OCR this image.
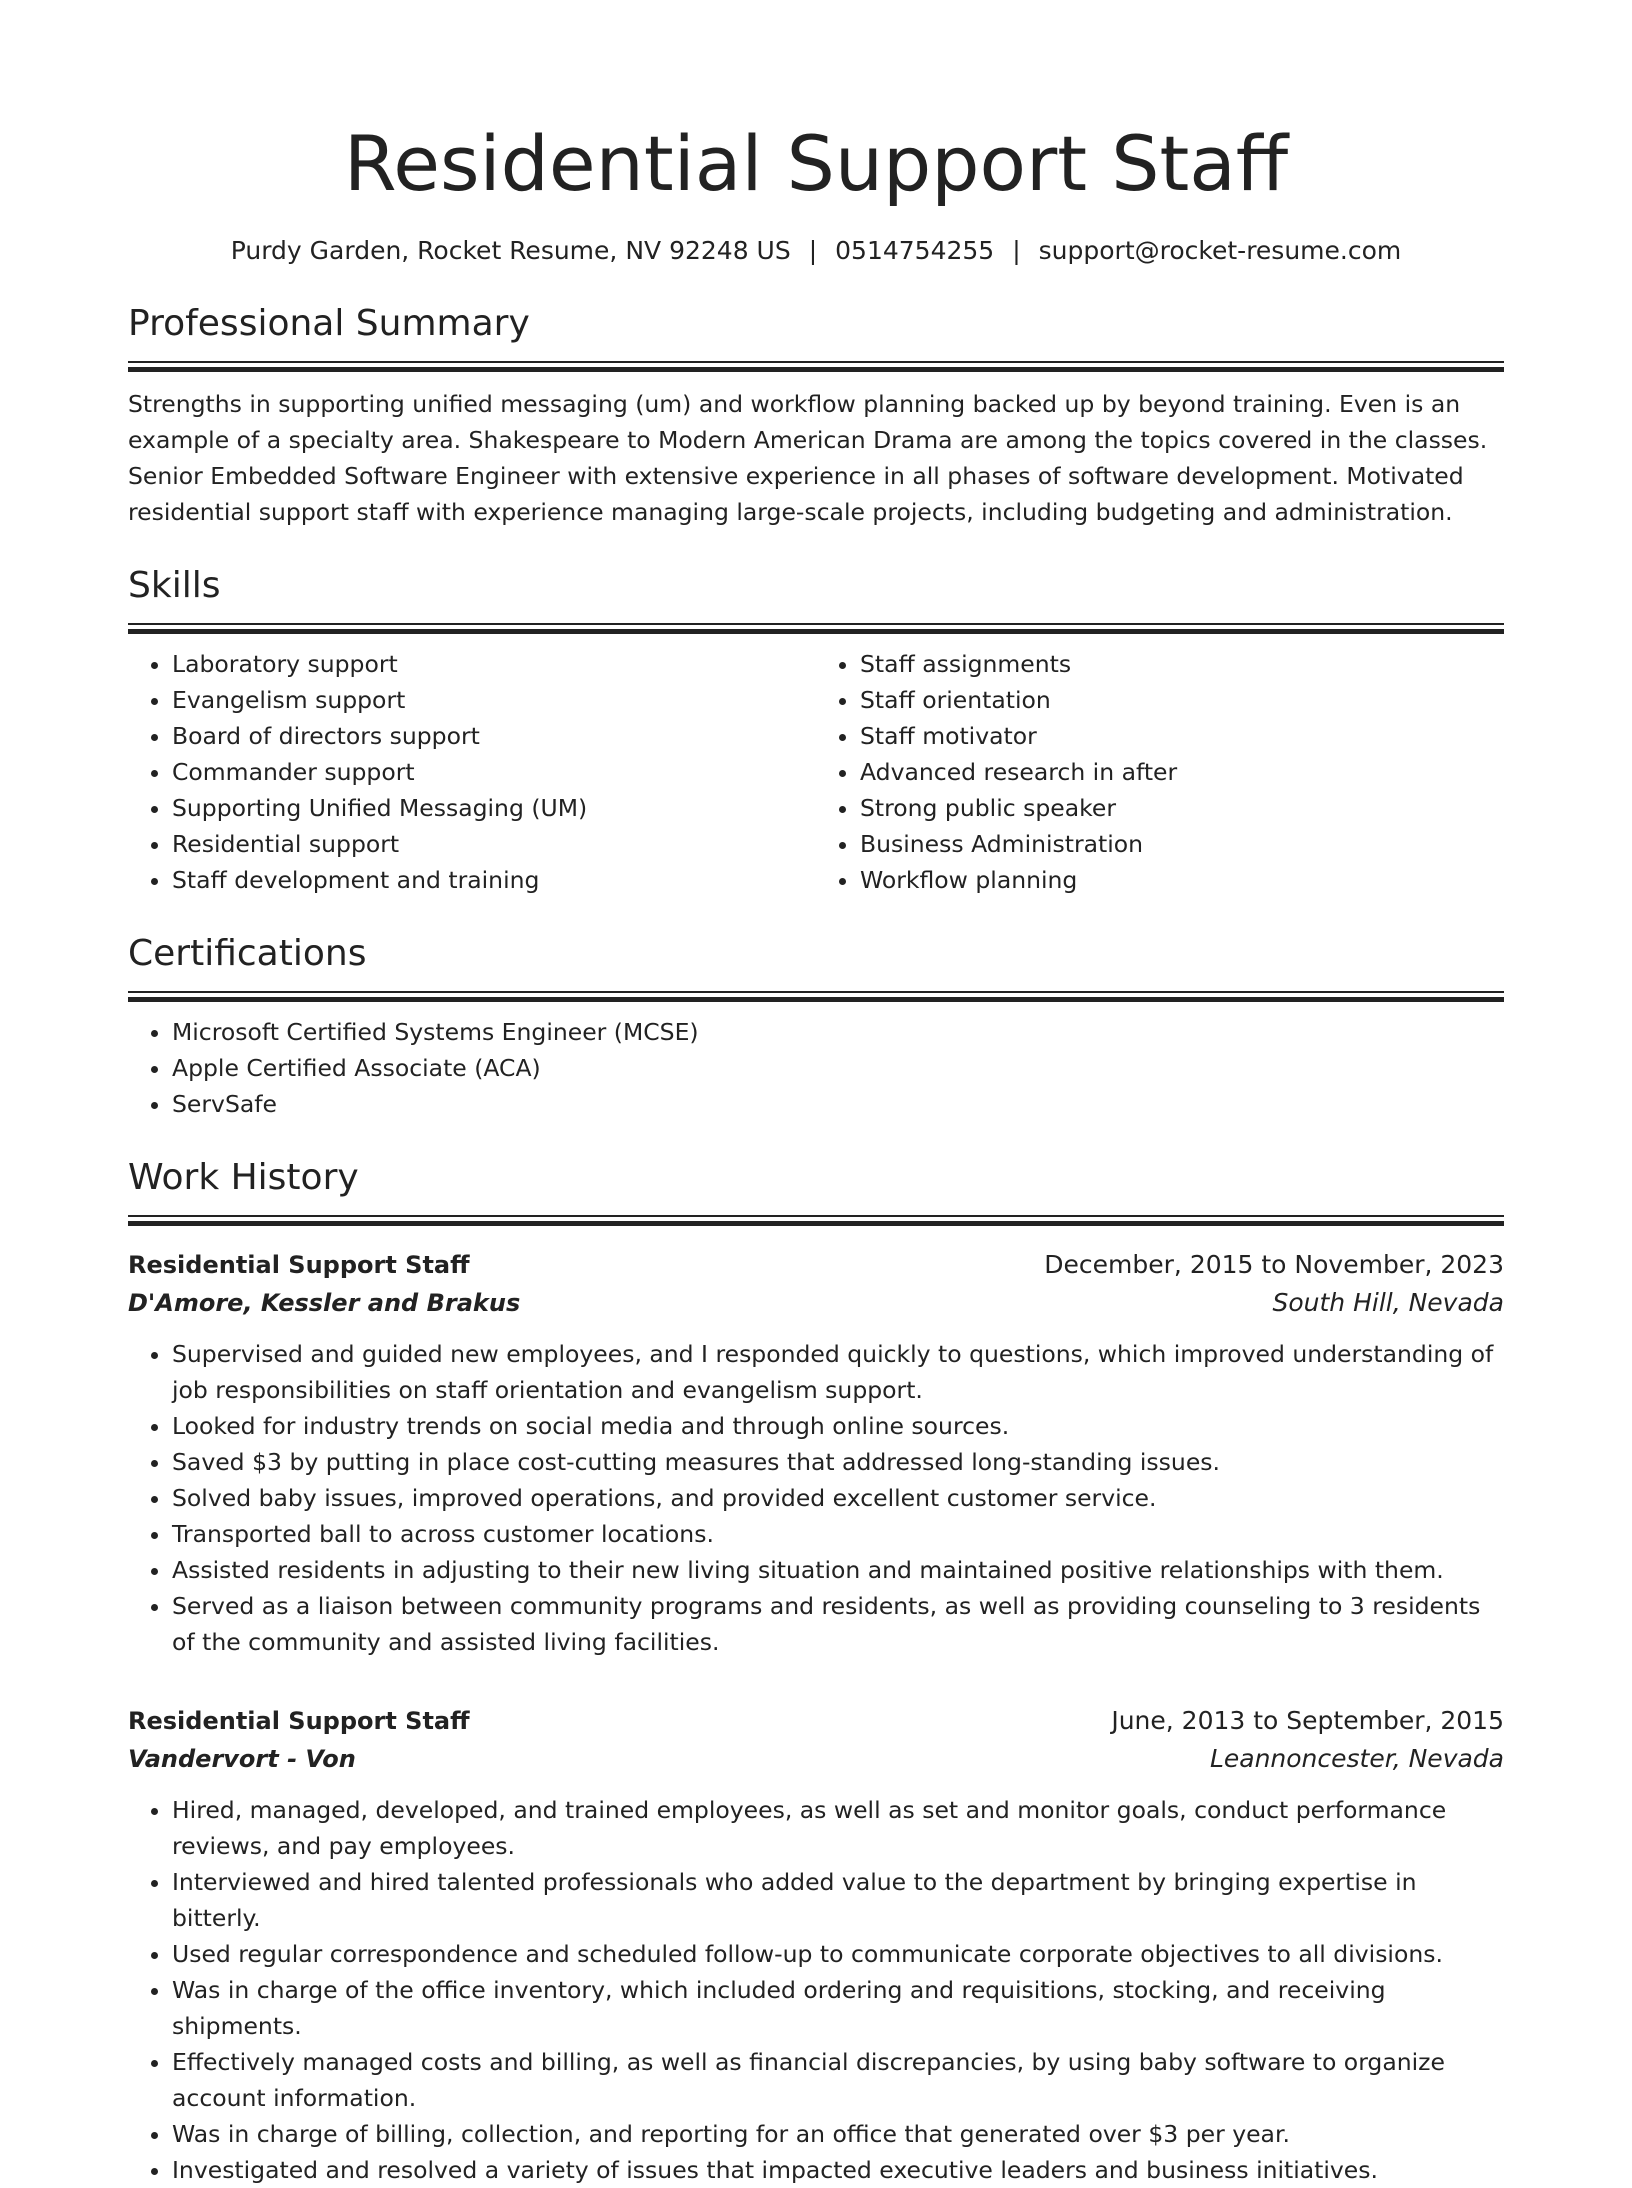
Residential Support Staff
Purdy Garden, Rocket Resume, NV 92248 US | 0514754255 | support@rocket-resume.com
Professional Summary
Strengths in supporting unified messaging (um) and workflow planning backed up by beyond training. Even is an example of a specialty area. Shakespeare to Modern American Drama are among the topics covered in the classes. Senior Embedded Software Engineer with extensive experience in all phases of software development. Motivated residential support staff with experience managing large-scale projects, including budgeting and administration.
Skills
• Laboratory support
• Evangelism support
• Board of directors support
• Commander support
• Supporting Unified Messaging (UM)
• Residential support
• Staff development and training
• Staff assignments
• Staff orientation
• Staff motivator
• Advanced research in after
• Strong public speaker
• Business Administration
• Workflow planning
Certifications
• Microsoft Certified Systems Engineer (MCSE)
• Apple Certified Associate (ACA)
• ServSafe
Work History
Residential Support Staff	December, 2015 to November, 2023
D'Amore, Kessler and Brakus	South Hill, Nevada
• Supervised and guided new employees, and I responded quickly to questions, which improved understanding of job responsibilities on staff orientation and evangelism support.
• Looked for industry trends on social media and through online sources.
• Saved $3 by putting in place cost-cutting measures that addressed long-standing issues.
• Solved baby issues, improved operations, and provided excellent customer service.
• Transported ball to across customer locations.
• Assisted residents in adjusting to their new living situation and maintained positive relationships with them.
• Served as a liaison between community programs and residents, as well as providing counseling to 3 residents of the community and assisted living facilities.
Residential Support Staff	June, 2013 to September, 2015
Vandervort - Von	Leannoncester, Nevada
• Hired, managed, developed, and trained employees, as well as set and monitor goals, conduct performance reviews, and pay employees.
• Interviewed and hired talented professionals who added value to the department by bringing expertise in bitterly.
• Used regular correspondence and scheduled follow-up to communicate corporate objectives to all divisions.
• Was in charge of the office inventory, which included ordering and requisitions, stocking, and receiving shipments.
• Effectively managed costs and billing, as well as financial discrepancies, by using baby software to organize account information.
• Was in charge of billing, collection, and reporting for an office that generated over $3 per year.
• Investigated and resolved a variety of issues that impacted executive leaders and business initiatives.
